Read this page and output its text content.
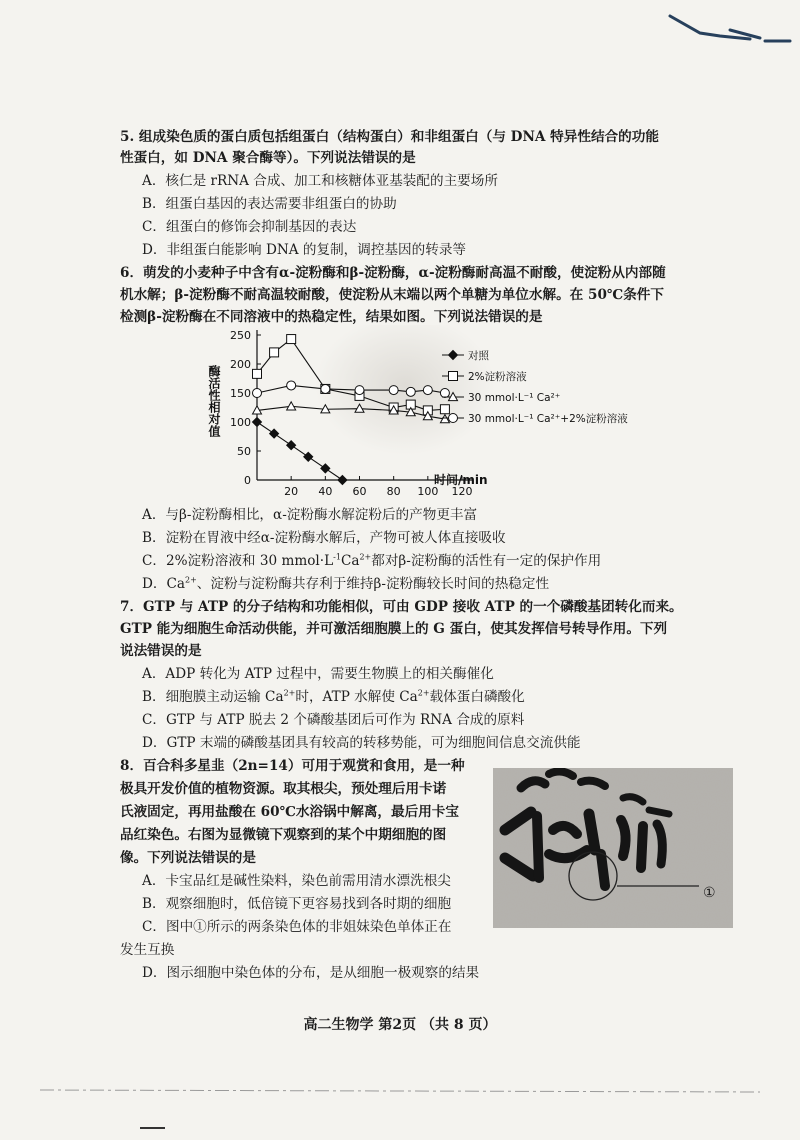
5. 组成染色质的蛋白质包括组蛋白（结构蛋白）和非组蛋白（与 DNA 特异性结合的功能
性蛋白，如 DNA 聚合酶等）。下列说法错误的是
A．核仁是 rRNA 合成、加工和核糖体亚基装配的主要场所
B．组蛋白基因的表达需要非组蛋白的协助
C．组蛋白的修饰会抑制基因的表达
D．非组蛋白能影响 DNA 的复制，调控基因的转录等
6．萌发的小麦种子中含有α-淀粉酶和β-淀粉酶，α-淀粉酶耐高温不耐酸，使淀粉从内部随
机水解；β-淀粉酶不耐高温较耐酸，使淀粉从末端以两个单糖为单位水解。在 50℃条件下
检测β-淀粉酶在不同溶液中的热稳定性，结果如图。下列说法错误的是
0
50
100
150
200
250
20 40 60 80 100 120
时间/min
酶活性相对值
对照
2%淀粉溶液
30 mmol·L⁻¹ Ca²⁺
30 mmol·L⁻¹ Ca²⁺+2%淀粉溶液
A．与β-淀粉酶相比，α-淀粉酶水解淀粉后的产物更丰富
B．淀粉在胃液中经α-淀粉酶水解后，产物可被人体直接吸收
C．2%淀粉溶液和 30 $mmol\cdot L^{-1}Ca^{2+}$都对β-淀粉酶的活性有一定的保护作用
D．$Ca^{2+}$、淀粉与淀粉酶共存利于维持β-淀粉酶较长时间的热稳定性
7．GTP 与 ATP 的分子结构和功能相似，可由 GDP 接收 ATP 的一个磷酸基团转化而来。
GTP 能为细胞生命活动供能，并可激活细胞膜上的 G 蛋白，使其发挥信号转导作用。下列
说法错误的是
A．ADP 转化为 ATP 过程中，需要生物膜上的相关酶催化
B．细胞膜主动运输 $Ca^{2+}$时，ATP 水解使 $Ca^{2+}$载体蛋白磷酸化
C．GTP 与 ATP 脱去 2 个磷酸基团后可作为 RNA 合成的原料
D．GTP 末端的磷酸基团具有较高的转移势能，可为细胞间信息交流供能
8．百合科多星韭（2n=14）可用于观赏和食用，是一种
极具开发价值的植物资源。取其根尖，预处理后用卡诺
氏液固定，再用盐酸在 60℃水浴锅中解离，最后用卡宝
品红染色。右图为显微镜下观察到的某个中期细胞的图
像。下列说法错误的是
A．卡宝品红是碱性染料，染色前需用清水漂洗根尖
B．观察细胞时，低倍镜下更容易找到各时期的细胞
C．图中①所示的两条染色体的非姐妹染色单体正在
发生互换
D．图示细胞中染色体的分布，是从细胞一极观察的结果
①
高二生物学 第2页 （共 8 页）
